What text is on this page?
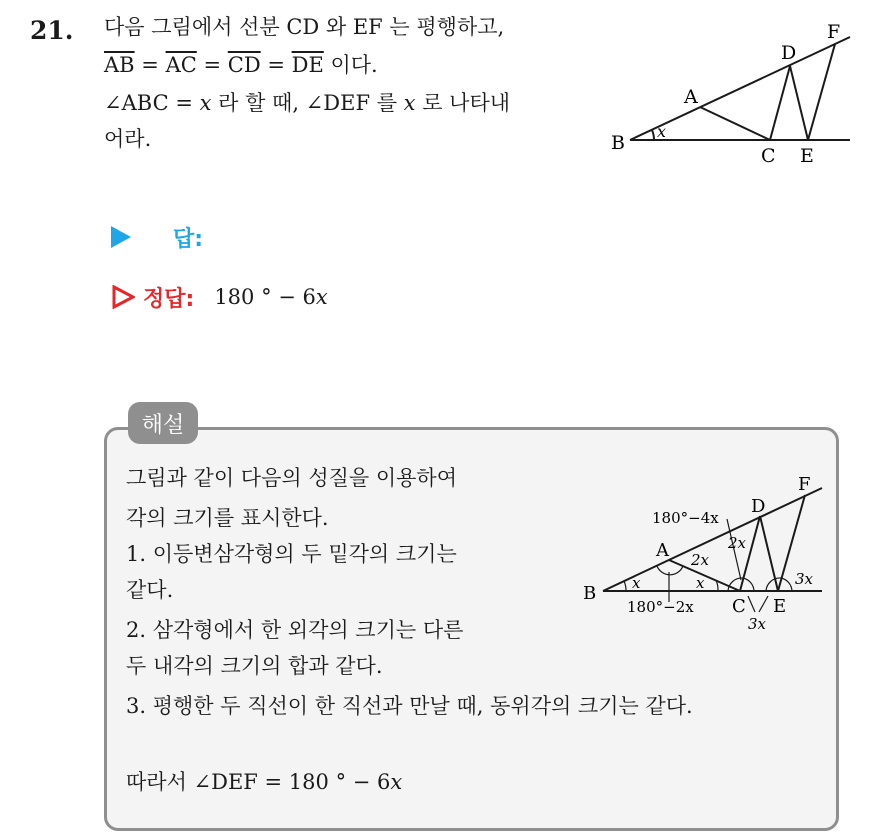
21. 다음 그림에서 선분 CD 와 EF 는 평행하고,
$\overline{AB} = \overline{AC} = \overline{CD} = \overline{DE}$ 이다.
∠ABC = x 라 할 때, ∠DEF 를 x 로 나타내
어라.
A
B
C
D
E
F
x
답:
정답: 180 ° − 6x
해설
그림과 같이 다음의 성질을 이용하여
각의 크기를 표시한다.
1. 이등변삼각형의 두 밑각의 크기는
같다.
2. 삼각형에서 한 외각의 크기는 다른
두 내각의 크기의 합과 같다.
3. 평행한 두 직선이 한 직선과 만날 때, 동위각의 크기는 같다.
따라서 ∠DEF = 180 ° − 6x
A
B
C
D
E
F
x	x
2x
2x
180°−4x
180°−2x
3x
3x
